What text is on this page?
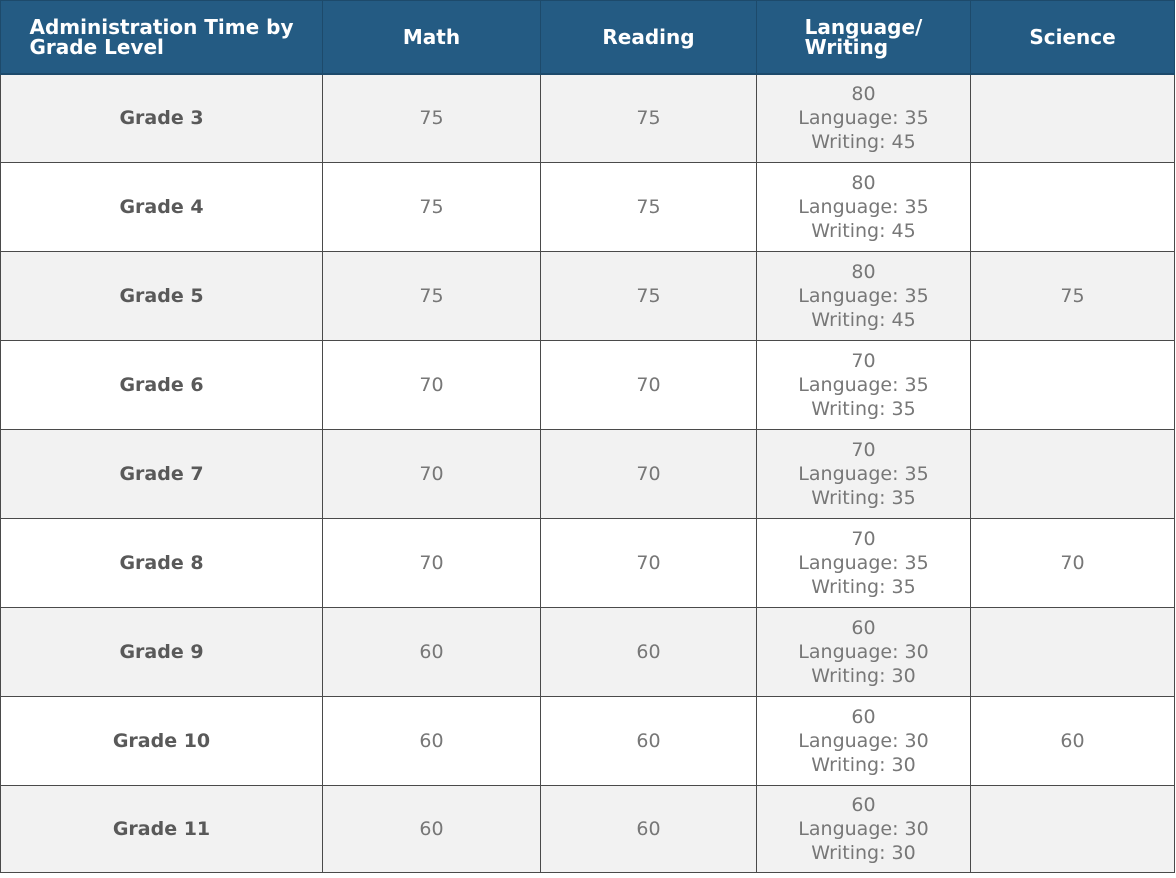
Administration Time by
Grade Level	Math	Reading	Language/
Writing	Science
Grade 3	75	75	80
Language: 35
Writing: 45	

Grade 4	75	75	80
Language: 35
Writing: 45	

Grade 5	75	75	80
Language: 35
Writing: 45	75
Grade 6	70	70	70
Language: 35
Writing: 35	

Grade 7	70	70	70
Language: 35
Writing: 35	

Grade 8	70	70	70
Language: 35
Writing: 35	70
Grade 9	60	60	60
Language: 30
Writing: 30	

Grade 10	60	60	60
Language: 30
Writing: 30	60
Grade 11	60	60	60
Language: 30
Writing: 30	
